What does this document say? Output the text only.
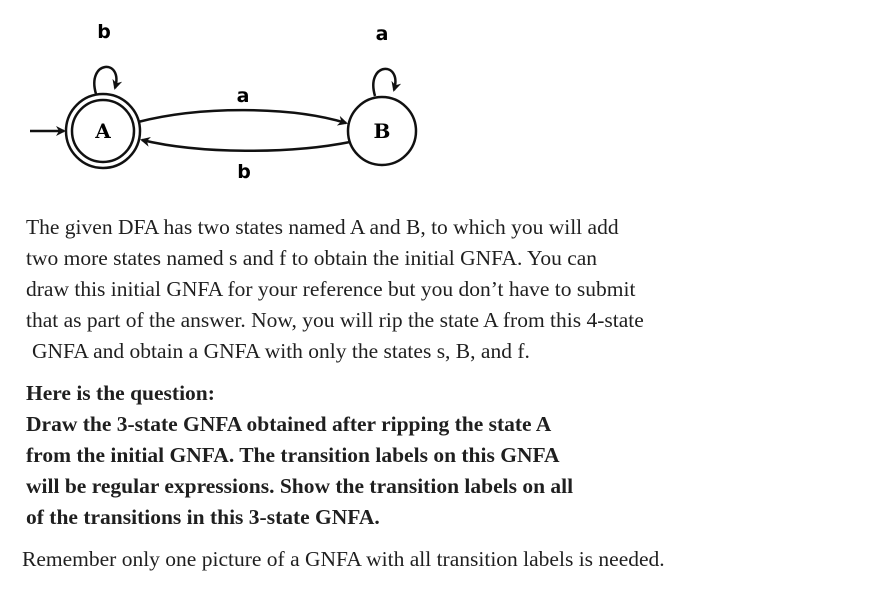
A	B
b	a
a
b
The given DFA has two states named A and B, to which you will add
two more states named s and f to obtain the initial GNFA. You can
draw this initial GNFA for your reference but you don’t have to submit
that as part of the answer. Now, you will rip the state A from this 4-state
GNFA and obtain a GNFA with only the states s, B, and f.
Here is the question:
Draw the 3-state GNFA obtained after ripping the state A
from the initial GNFA. The transition labels on this GNFA
will be regular expressions. Show the transition labels on all
of the transitions in this 3-state GNFA.
Remember only one picture of a GNFA with all transition labels is needed.
